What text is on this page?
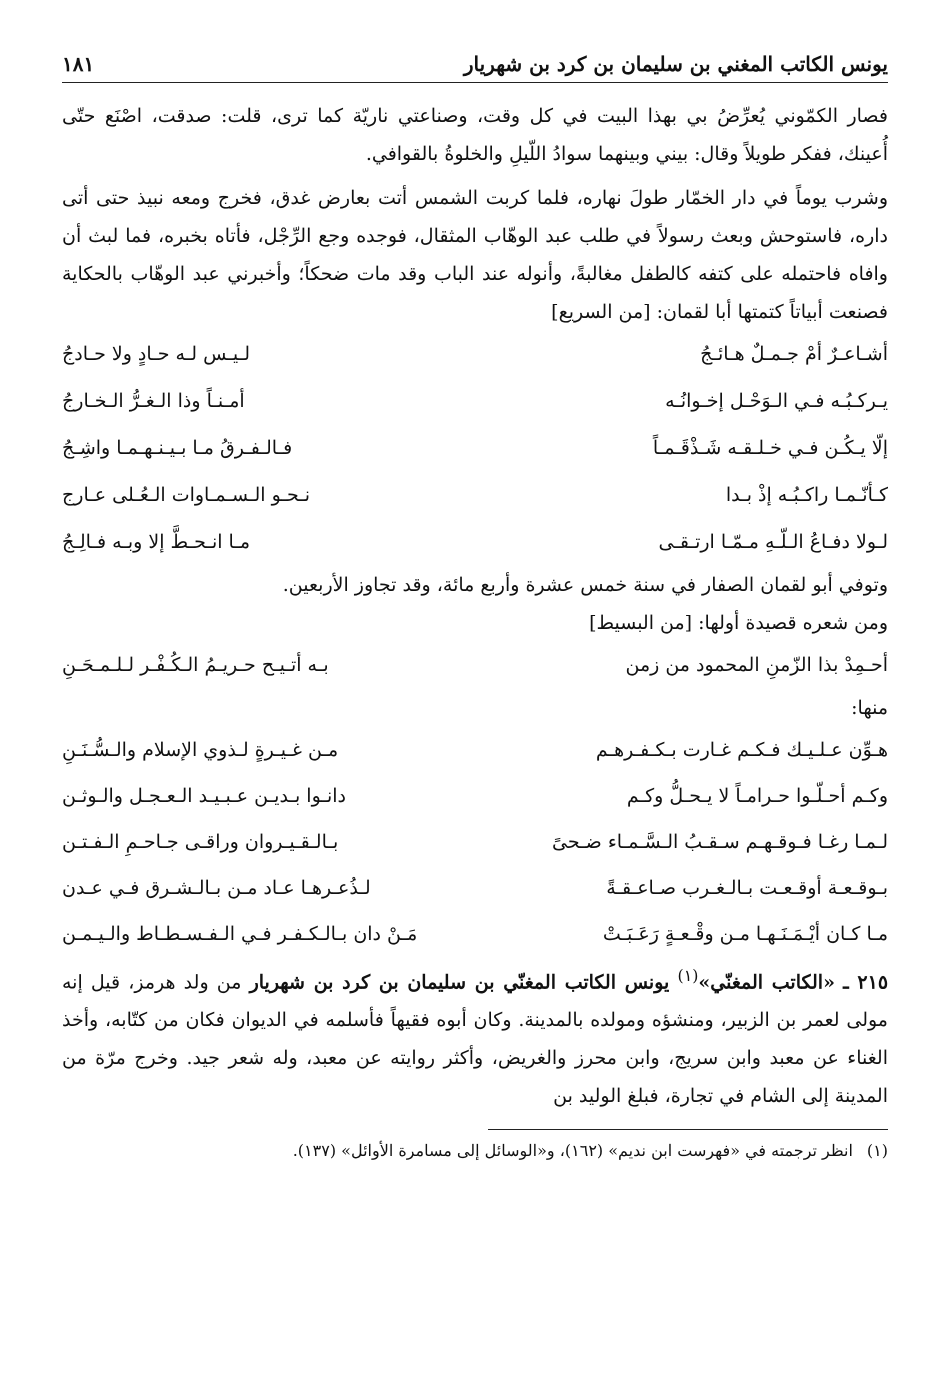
يونس الكاتب المغني بن سليمان بن كرد بن شهريار
١٨١

فصار الكمّوني يُعرِّضُ بي بهذا البيت في كل وقت، وصناعتي ناريّة كما ترى، قلت: صدقت، اصْنَع حتّى أُعينك، ففكر طويلاً وقال: بيني وبينهما سوادُ اللّيلِ والخلوةُ بالقوافي.

وشرب يوماً في دار الخمّار طولَ نهاره، فلما كربت الشمس أتت بعارض غدق، فخرج ومعه نبيذ حتى أتى داره، فاستوحش وبعث رسولاً في طلب عبد الوهّاب المثقال، فوجده وجع الرِّجْل، فأتاه بخبره، فما لبث أن وافاه فاحتمله على كتفه كالطفل مغالبةً، وأنوله عند الباب وقد مات ضحكاً؛ وأخبرني عبد الوهّاب بالحكاية فصنعت أبياتاً كتمتها أبا لقمان: [من السريع]

أشـاعـرٌ أمْ جـمـلٌ هـائـجُ
لـيـس لـه حـادٍ ولا حـادجُ
يـركـبُـه فـي الـوَحْـل إخـوانُـه
أمـنـاً وذا الـغـرُّ الـخـارجُ
إلّا يـكُـن فـي خـلـقـه شَـذْقَـمـاً
فـالـفـرقُ مـا بـيـنـهـمـا واشِـجُ
كـأنّـمـا راكـبُـه إذْ بـدا
نـحـو الـسـمـاوات الـعُـلى عـارج
لـولا دفـاعُ الـلّـهِ مـمّـا ارتـقـى
مـا انـحـطَّ إلا وبـه فـالِـجُ

وتوفي أبو لقمان الصفار في سنة خمس عشرة وأربع مائة، وقد تجاوز الأربعين.

ومن شعره قصيدة أولها: [من البسيط]

أحـمِدْ بذا الزّمنِ المحمود من زمن
بـه أتـيـح حـريـمُ الـكُـفْـر لـلـمـحَـنِ

منها:

هـوِّن عـلـيـك فـكـم غـارت بـكـفـرهـم
مـن غـيـرةٍ لـذوي الإسلام والـسُّـنَـنِ
وكـم أحـلّـوا حـرامـاً لا يـحـلُّ وكـم
دانـوا بـديـن عـبـيـد الـعـجـل والـوثـن
لـمـا رغـا فـوقـهـم سـقـبُ الـسَّـمـاء ضـحىً
بـالـقـيـروان وراقـى جـاحـمِ الـفـتـن
بـوقـعـة أوقـعـت بـالـغـرب صـاعـقـةً
لـذُعـرهـا عـاد مـن بـالـشـرق فـي عـدن
مـا كـان أيْـمَـنَـهـا مـن وقْـعـةٍ رَعَـبَـتْ
مَـنْ دان بـالـكـفـر فـي الـفـسـطـاط والـيـمـن

٢١٥ ـ «الكاتب المغنّي»$^{(١)}$ يونس الكاتب المغنّي بن سليمان بن كرد بن شهريار من ولد هرمز، قيل إنه مولى لعمر بن الزبير، ومنشؤه ومولده بالمدينة. وكان أبوه فقيهاً فأسلمه في الديوان فكان من كتّابه، وأخذ الغناء عن معبد وابن سريج، وابن محرز والغريض، وأكثر روايته عن معبد، وله شعر جيد. وخرج مرّة من المدينة إلى الشام في تجارة، فبلغ الوليد بن

(١)انظر ترجمته في «فهرست ابن نديم» (١٦٢)، و«الوسائل إلى مسامرة الأوائل» (١٣٧).
